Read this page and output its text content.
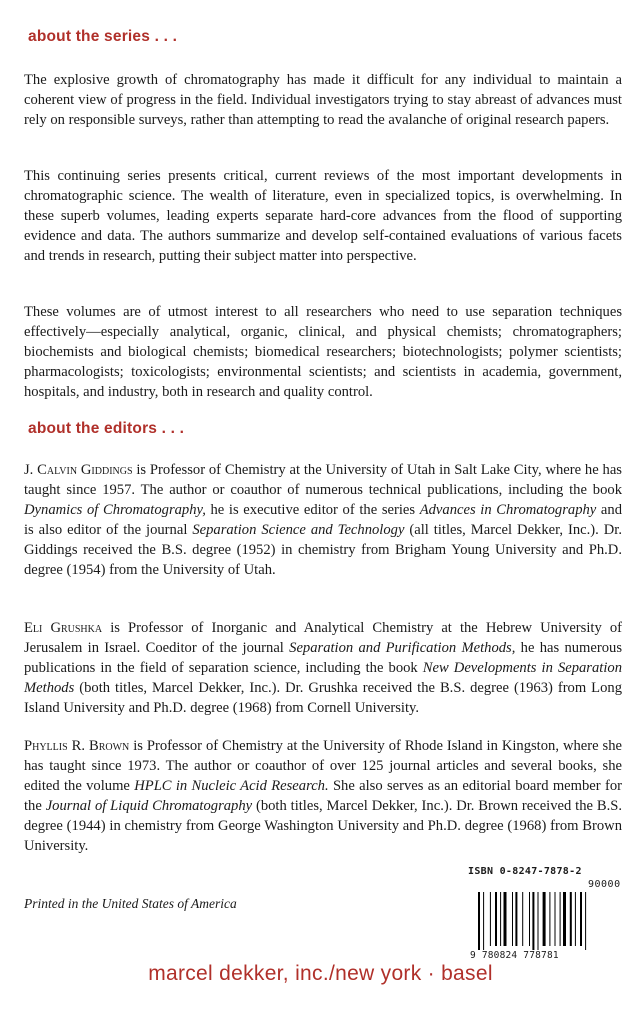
about the series . . .

The explosive growth of chromatography has made it difficult for any individual to maintain a coherent view of progress in the field. Individual investigators trying to stay abreast of advances must rely on responsible surveys, rather than attempting to read the avalanche of original research papers.

This continuing series presents critical, current reviews of the most important developments in chromatographic science. The wealth of literature, even in specialized topics, is overwhelming. In these superb volumes, leading experts separate hard-core advances from the flood of supporting evidence and data. The authors summarize and develop self-contained evaluations of various facets and trends in research, putting their subject matter into perspective.

These volumes are of utmost interest to all researchers who need to use separation techniques effectively—especially analytical, organic, clinical, and physical chemists; chromatographers; biochemists and biological chemists; biomedical researchers; biotechnologists; polymer scientists; pharmacologists; toxicologists; environmental scientists; and scientists in academia, government, hospitals, and industry, both in research and quality control.

about the editors . . .

J. Calvin Giddings is Professor of Chemistry at the University of Utah in Salt Lake City, where he has taught since 1957. The author or coauthor of numerous technical publications, including the book Dynamics of Chromatography, he is executive editor of the series Advances in Chromatography and is also editor of the journal Separation Science and Technology (all titles, Marcel Dekker, Inc.). Dr. Giddings received the B.S. degree (1952) in chemistry from Brigham Young University and Ph.D. degree (1954) from the University of Utah.

Eli Grushka is Professor of Inorganic and Analytical Chemistry at the Hebrew University of Jerusalem in Israel. Coeditor of the journal Separation and Purification Methods, he has numerous publications in the field of separation science, including the book New Developments in Separation Methods (both titles, Marcel Dekker, Inc.). Dr. Grushka received the B.S. degree (1963) from Long Island University and Ph.D. degree (1968) from Cornell University.

Phyllis R. Brown is Professor of Chemistry at the University of Rhode Island in Kingston, where she has taught since 1973. The author or coauthor of over 125 journal articles and several books, she edited the volume HPLC in Nucleic Acid Research. She also serves as an editorial board member for the Journal of Liquid Chromatography (both titles, Marcel Dekker, Inc.). Dr. Brown received the B.S. degree (1944) in chemistry from George Washington University and Ph.D. degree (1968) from Brown University.

Printed in the United States of America

ISBN 0-8247-7878-2

90000

9 780824 778781

marcel dekker, inc./new york · basel
